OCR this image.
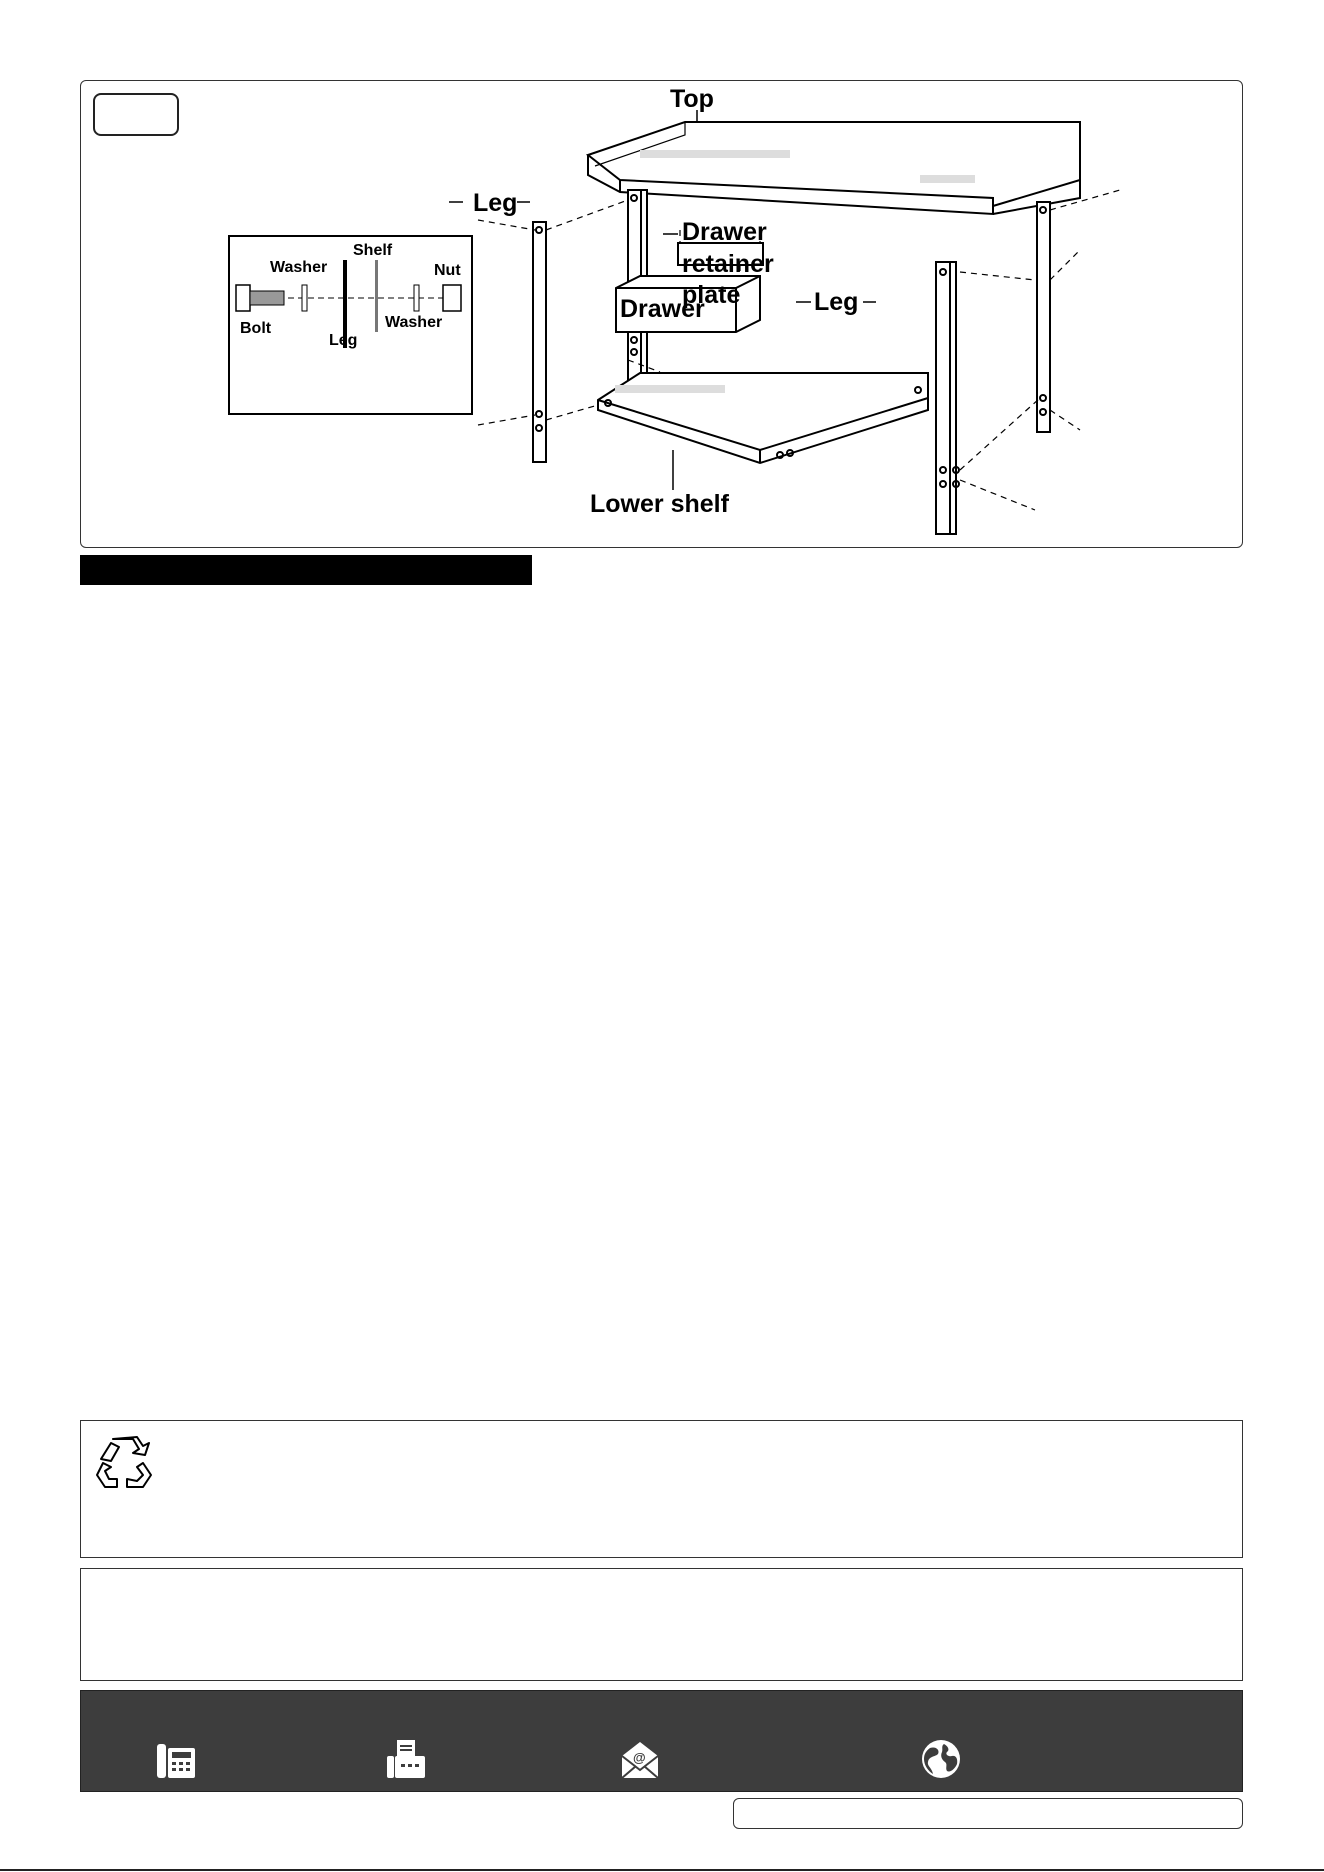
Top
Leg
Drawer
Drawer
retainer
plate	Leg
Lower shelf
Washer
Shelf
Nut
Bolt
Leg
Washer
@
